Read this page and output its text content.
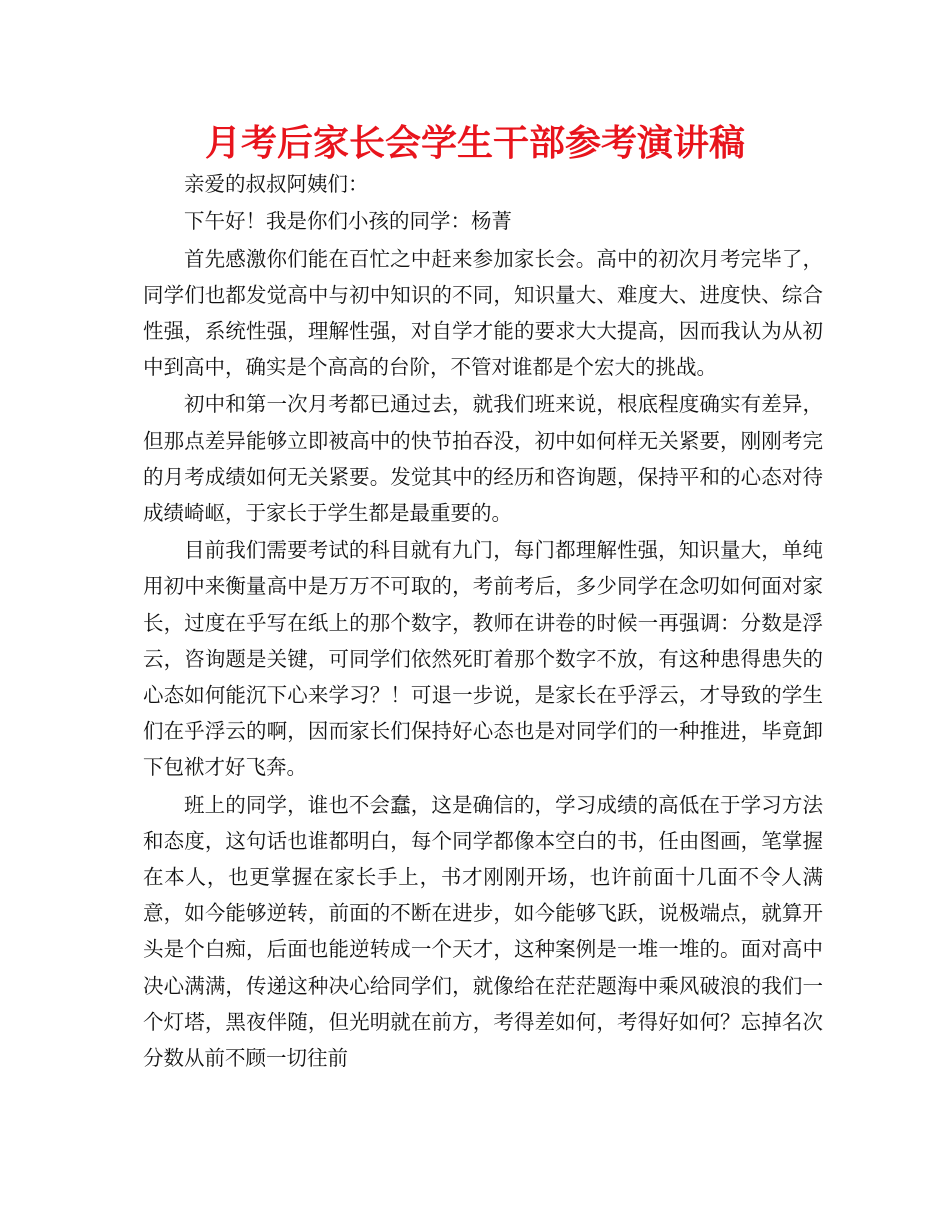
月考后家长会学生干部参考演讲稿

亲爱的叔叔阿姨们：

下午好！我是你们小孩的同学：杨菁

首先感激你们能在百忙之中赶来参加家长会。高中的初次月考完毕了，同学们也都发觉高中与初中知识的不同，知识量大、难度大、进度快、综合性强，系统性强，理解性强，对自学才能的要求大大提高，因而我认为从初中到高中，确实是个高高的台阶，不管对谁都是个宏大的挑战。

初中和第一次月考都已通过去，就我们班来说，根底程度确实有差异，但那点差异能够立即被高中的快节拍吞没，初中如何样无关紧要，刚刚考完的月考成绩如何无关紧要。发觉其中的经历和咨询题，保持平和的心态对待成绩崎岖，于家长于学生都是最重要的。

目前我们需要考试的科目就有九门，每门都理解性强，知识量大，单纯用初中来衡量高中是万万不可取的，考前考后，多少同学在念叨如何面对家长，过度在乎写在纸上的那个数字，教师在讲卷的时候一再强调：分数是浮云，咨询题是关键，可同学们依然死盯着那个数字不放，有这种患得患失的心态如何能沉下心来学习？！可退一步说，是家长在乎浮云，才导致的学生们在乎浮云的啊，因而家长们保持好心态也是对同学们的一种推进，毕竟卸下包袱才好飞奔。

班上的同学，谁也不会蠢，这是确信的，学习成绩的高低在于学习方法和态度，这句话也谁都明白，每个同学都像本空白的书，任由图画，笔掌握在本人，也更掌握在家长手上，书才刚刚开场，也许前面十几面不令人满意，如今能够逆转，前面的不断在进步，如今能够飞跃，说极端点，就算开头是个白痴，后面也能逆转成一个天才，这种案例是一堆一堆的。面对高中决心满满，传递这种决心给同学们，就像给在茫茫题海中乘风破浪的我们一个灯塔，黑夜伴随，但光明就在前方，考得差如何，考得好如何？忘掉名次分数从前不顾一切往前
